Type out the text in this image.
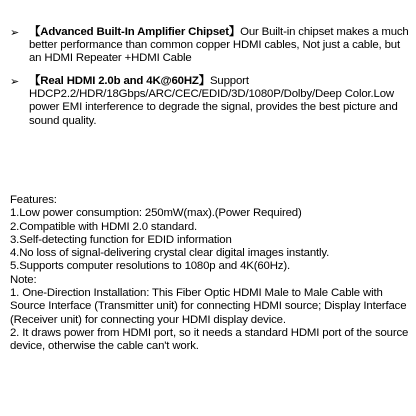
➢ 【Advanced Built-In Amplifier Chipset】Our Built-in chipset makes a much better performance than common copper HDMI cables, Not just a cable, but an HDMI Repeater +HDMI Cable
➢ 【Real HDMI 2.0b and 4K@60HZ】Support HDCP2.2/HDR/18Gbps/ARC/CEC/EDID/3D/1080P/Dolby/Deep Color.Low power EMI interference to degrade the signal, provides the best picture and sound quality.
Features:
1.Low power consumption: 250mW(max).(Power Required)
2.Compatible with HDMI 2.0 standard.
3.Self-detecting function for EDID information
4.No loss of signal-delivering crystal clear digital images instantly.
5.Supports computer resolutions to 1080p and 4K(60Hz).
Note:
1. One-Direction Installation: This Fiber Optic HDMI Male to Male Cable with Source Interface (Transmitter unit) for connecting HDMI source; Display Interface (Receiver unit) for connecting your HDMI display device.
2. It draws power from HDMI port, so it needs a standard HDMI port of the source device, otherwise the cable can't work.
